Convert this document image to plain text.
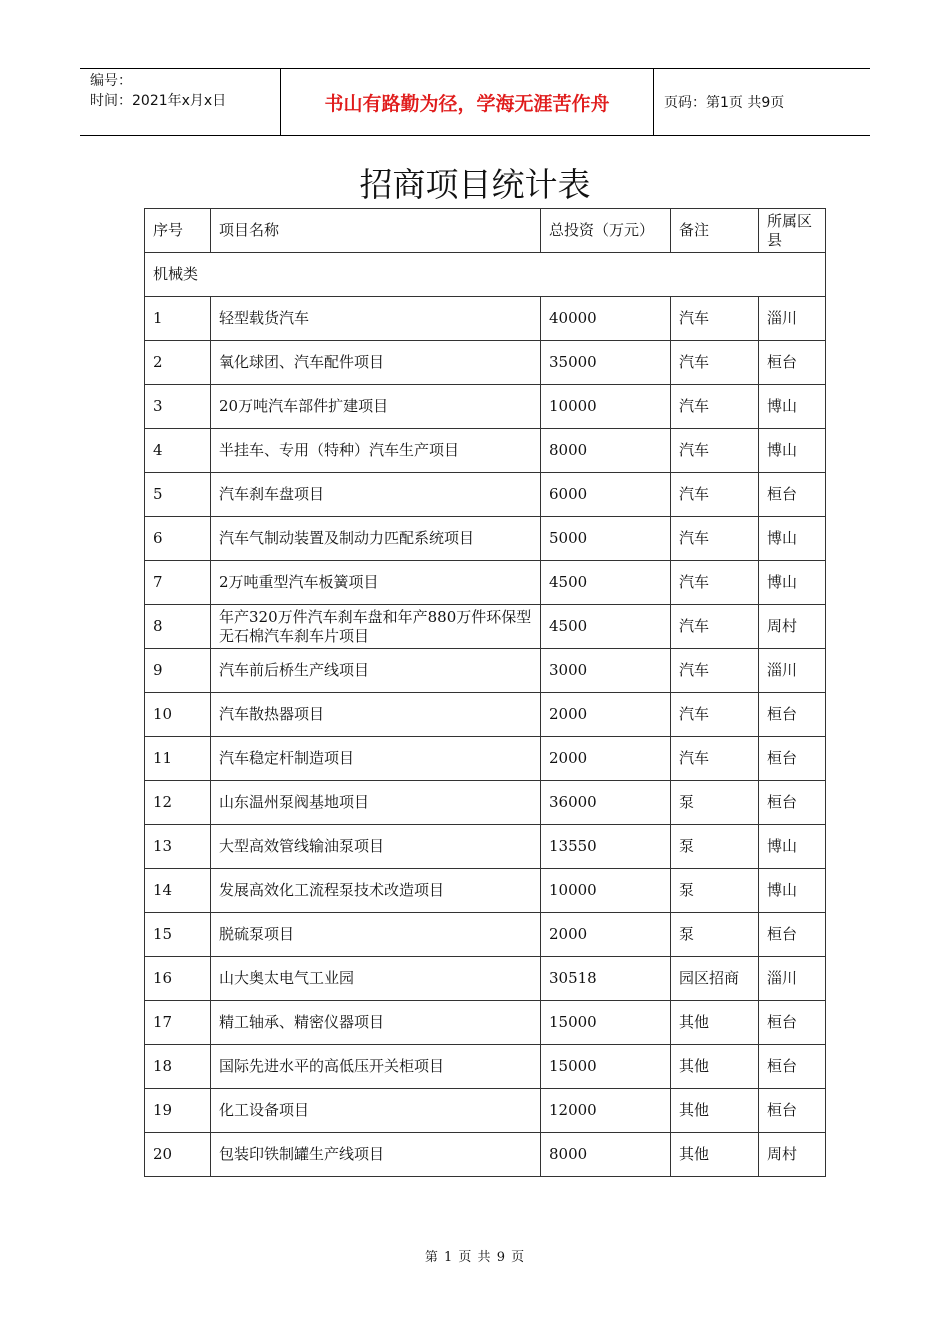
编号：
时间：2021年x月x日	书山有路勤为径，学海无涯苦作舟	页码：第1页 共9页
招商项目统计表
序号	项目名称	总投资（万元）	备注	所属区县
机械类				
1	轻型载货汽车	40000	汽车	淄川
2	氧化球团、汽车配件项目	35000	汽车	桓台
3	20万吨汽车部件扩建项目	10000	汽车	博山
4	半挂车、专用（特种）汽车生产项目	8000	汽车	博山
5	汽车刹车盘项目	6000	汽车	桓台
6	汽车气制动装置及制动力匹配系统项目	5000	汽车	博山
7	2万吨重型汽车板簧项目	4500	汽车	博山
8	年产320万件汽车刹车盘和年产880万件环保型无石棉汽车刹车片项目	4500	汽车	周村
9	汽车前后桥生产线项目	3000	汽车	淄川
10	汽车散热器项目	2000	汽车	桓台
11	汽车稳定杆制造项目	2000	汽车	桓台
12	山东温州泵阀基地项目	36000	泵	桓台
13	大型高效管线输油泵项目	13550	泵	博山
14	发展高效化工流程泵技术改造项目	10000	泵	博山
15	脱硫泵项目	2000	泵	桓台
16	山大奥太电气工业园	30518	园区招商	淄川
17	精工轴承、精密仪器项目	15000	其他	桓台
18	国际先进水平的高低压开关柜项目	15000	其他	桓台
19	化工设备项目	12000	其他	桓台
20	包装印铁制罐生产线项目	8000	其他	周村
第 1 页 共 9 页
